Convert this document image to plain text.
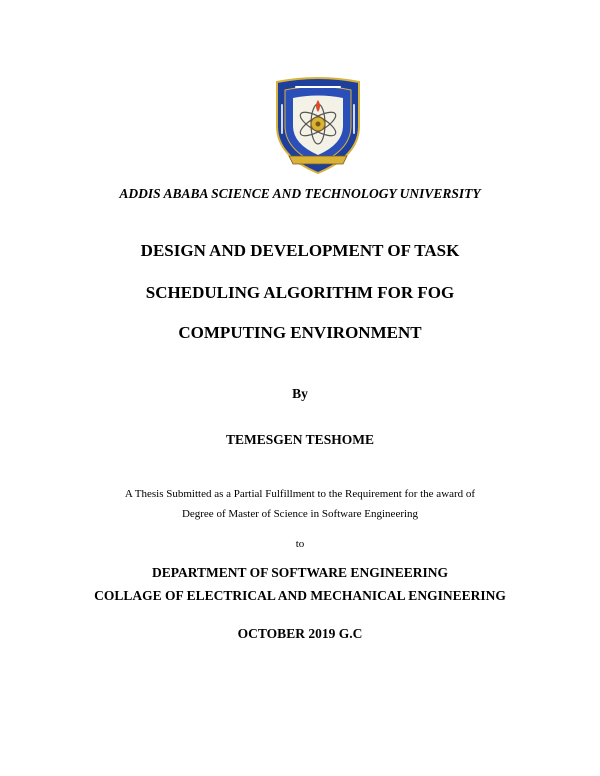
ADDIS ABABA SCIENCE AND TECHNOLOGY UNIVERSITY
DESIGN AND DEVELOPMENT OF TASK
SCHEDULING ALGORITHM FOR FOG
COMPUTING ENVIRONMENT
By
TEMESGEN TESHOME
A Thesis Submitted as a Partial Fulfillment to the Requirement for the award of
Degree of Master of Science in Software Engineering
to
DEPARTMENT OF SOFTWARE ENGINEERING
COLLAGE OF ELECTRICAL AND MECHANICAL ENGINEERING
OCTOBER 2019 G.C
